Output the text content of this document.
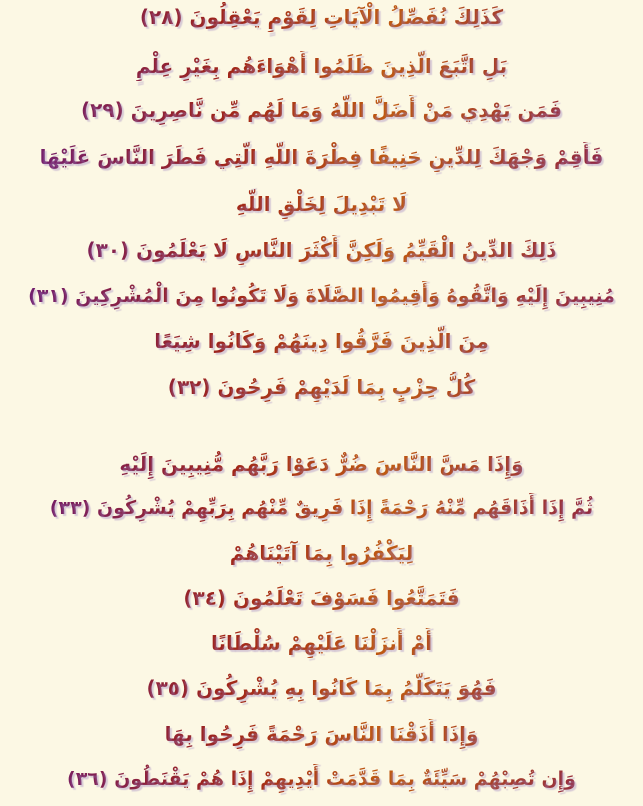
كَذَلِكَ نُفَصِّلُ الْآيَاتِ لِقَوْمٍ يَعْقِلُونَ (٢٨)
بَلِ اتَّبَعَ الَّذِينَ ظَلَمُوا أَهْوَاءَهُم بِغَيْرِ عِلْمٍ
فَمَن يَهْدِي مَنْ أَضَلَّ اللَّهُ وَمَا لَهُم مِّن نَّاصِرِينَ (٢٩)
فَأَقِمْ وَجْهَكَ لِلدِّينِ حَنِيفًا فِطْرَةَ اللَّهِ الَّتِي فَطَرَ النَّاسَ عَلَيْهَا
لَا تَبْدِيلَ لِخَلْقِ اللَّهِ
ذَلِكَ الدِّينُ الْقَيِّمُ وَلَكِنَّ أَكْثَرَ النَّاسِ لَا يَعْلَمُونَ (٣٠)
مُنِيبِينَ إِلَيْهِ وَاتَّقُوهُ وَأَقِيمُوا الصَّلَاةَ وَلَا تَكُونُوا مِنَ الْمُشْرِكِينَ (٣١)
مِنَ الَّذِينَ فَرَّقُوا دِينَهُمْ وَكَانُوا شِيَعًا
كُلُّ حِزْبٍ بِمَا لَدَيْهِمْ فَرِحُونَ (٣٢)
وَإِذَا مَسَّ النَّاسَ ضُرٌّ دَعَوْا رَبَّهُم مُّنِيبِينَ إِلَيْهِ
ثُمَّ إِذَا أَذَاقَهُم مِّنْهُ رَحْمَةً إِذَا فَرِيقٌ مِّنْهُم بِرَبِّهِمْ يُشْرِكُونَ (٣٣)
لِيَكْفُرُوا بِمَا آتَيْنَاهُمْ
فَتَمَتَّعُوا فَسَوْفَ تَعْلَمُونَ (٣٤)
أَمْ أَنزَلْنَا عَلَيْهِمْ سُلْطَانًا
فَهُوَ يَتَكَلَّمُ بِمَا كَانُوا بِهِ يُشْرِكُونَ (٣٥)
وَإِذَا أَذَقْنَا النَّاسَ رَحْمَةً فَرِحُوا بِهَا
وَإِن تُصِبْهُمْ سَيِّئَةٌ بِمَا قَدَّمَتْ أَيْدِيهِمْ إِذَا هُمْ يَقْنَطُونَ (٣٦)
